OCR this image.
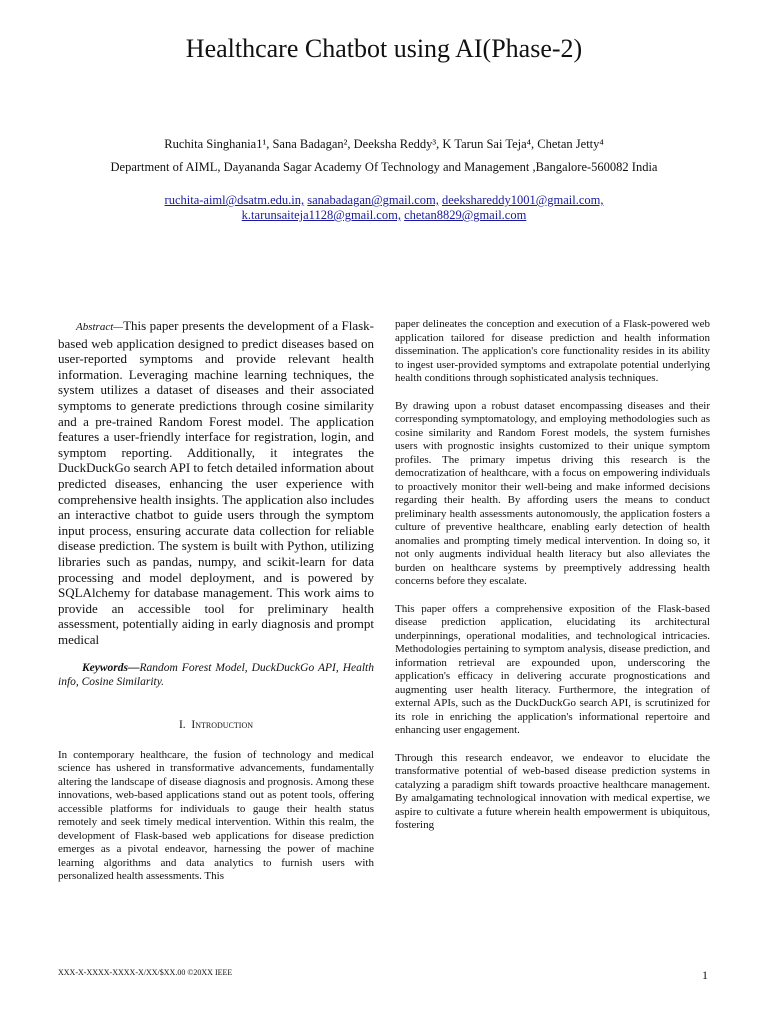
Healthcare Chatbot using AI(Phase-2)
Ruchita Singhania1¹, Sana Badagan², Deeksha Reddy³, K Tarun Sai Teja⁴, Chetan Jetty⁴
Department of AIML, Dayananda Sagar Academy Of Technology and Management ,Bangalore-560082 India
ruchita-aiml@dsatm.edu.in, sanabadagan@gmail.com, deekshareddy1001@gmail.com,
k.tarunsaiteja1128@gmail.com, chetan8829@gmail.com

Abstract—This paper presents the development of a Flask-based web application designed to predict diseases based on user-reported symptoms and provide relevant health information. Leveraging machine learning techniques, the system utilizes a dataset of diseases and their associated symptoms to generate predictions through cosine similarity and a pre-trained Random Forest model. The application features a user-friendly interface for registration, login, and symptom reporting. Additionally, it integrates the DuckDuckGo search API to fetch detailed information about predicted diseases, enhancing the user experience with comprehensive health insights. The application also includes an interactive chatbot to guide users through the symptom input process, ensuring accurate data collection for reliable disease prediction. The system is built with Python, utilizing libraries such as pandas, numpy, and scikit-learn for data processing and model deployment, and is powered by SQLAlchemy for database management. This work aims to provide an accessible tool for preliminary health assessment, potentially aiding in early diagnosis and prompt medical

Keywords—Random Forest Model, DuckDuckGo API, Health info, Cosine Similarity.

I. Introduction

In contemporary healthcare, the fusion of technology and medical science has ushered in transformative advancements, fundamentally altering the landscape of disease diagnosis and prognosis. Among these innovations, web-based applications stand out as potent tools, offering accessible platforms for individuals to gauge their health status remotely and seek timely medical intervention. Within this realm, the development of Flask-based web applications for disease prediction emerges as a pivotal endeavor, harnessing the power of machine learning algorithms and data analytics to furnish users with personalized health assessments. This

paper delineates the conception and execution of a Flask-powered web application tailored for disease prediction and health information dissemination. The application's core functionality resides in its ability to ingest user-provided symptoms and extrapolate potential underlying health conditions through sophisticated analysis techniques.

By drawing upon a robust dataset encompassing diseases and their corresponding symptomatology, and employing methodologies such as cosine similarity and Random Forest models, the system furnishes users with prognostic insights customized to their unique symptom profiles. The primary impetus driving this research is the democratization of healthcare, with a focus on empowering individuals to proactively monitor their well-being and make informed decisions regarding their health. By affording users the means to conduct preliminary health assessments autonomously, the application fosters a culture of preventive healthcare, enabling early detection of health anomalies and prompting timely medical intervention. In doing so, it not only augments individual health literacy but also alleviates the burden on healthcare systems by preemptively addressing health concerns before they escalate.

This paper offers a comprehensive exposition of the Flask-based disease prediction application, elucidating its architectural underpinnings, operational modalities, and technological intricacies. Methodologies pertaining to symptom analysis, disease prediction, and information retrieval are expounded upon, underscoring the application's efficacy in delivering accurate prognostications and augmenting user health literacy. Furthermore, the integration of external APIs, such as the DuckDuckGo search API, is scrutinized for its role in enriching the application's informational repertoire and enhancing user engagement.

Through this research endeavor, we endeavor to elucidate the transformative potential of web-based disease prediction systems in catalyzing a paradigm shift towards proactive healthcare management. By amalgamating technological innovation with medical expertise, we aspire to cultivate a future wherein health empowerment is ubiquitous, fostering

XXX-X-XXXX-XXXX-X/XX/$XX.00 ©20XX IEEE	1
